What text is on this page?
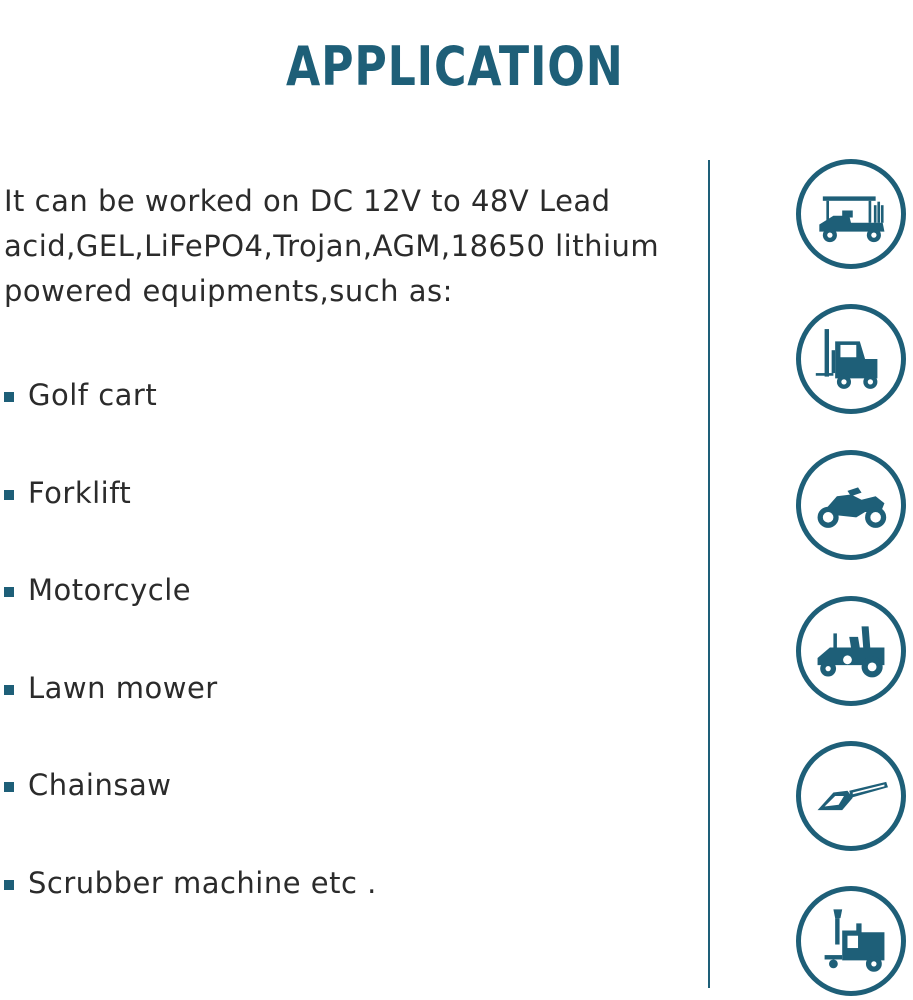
APPLICATION

It can be worked on DC 12V to 48V Lead acid,GEL,LiFePO4,Trojan,AGM,18650 lithium powered equipments,such as:

Golf cart
Forklift
Motorcycle
Lawn mower
Chainsaw
Scrubber machine etc .
